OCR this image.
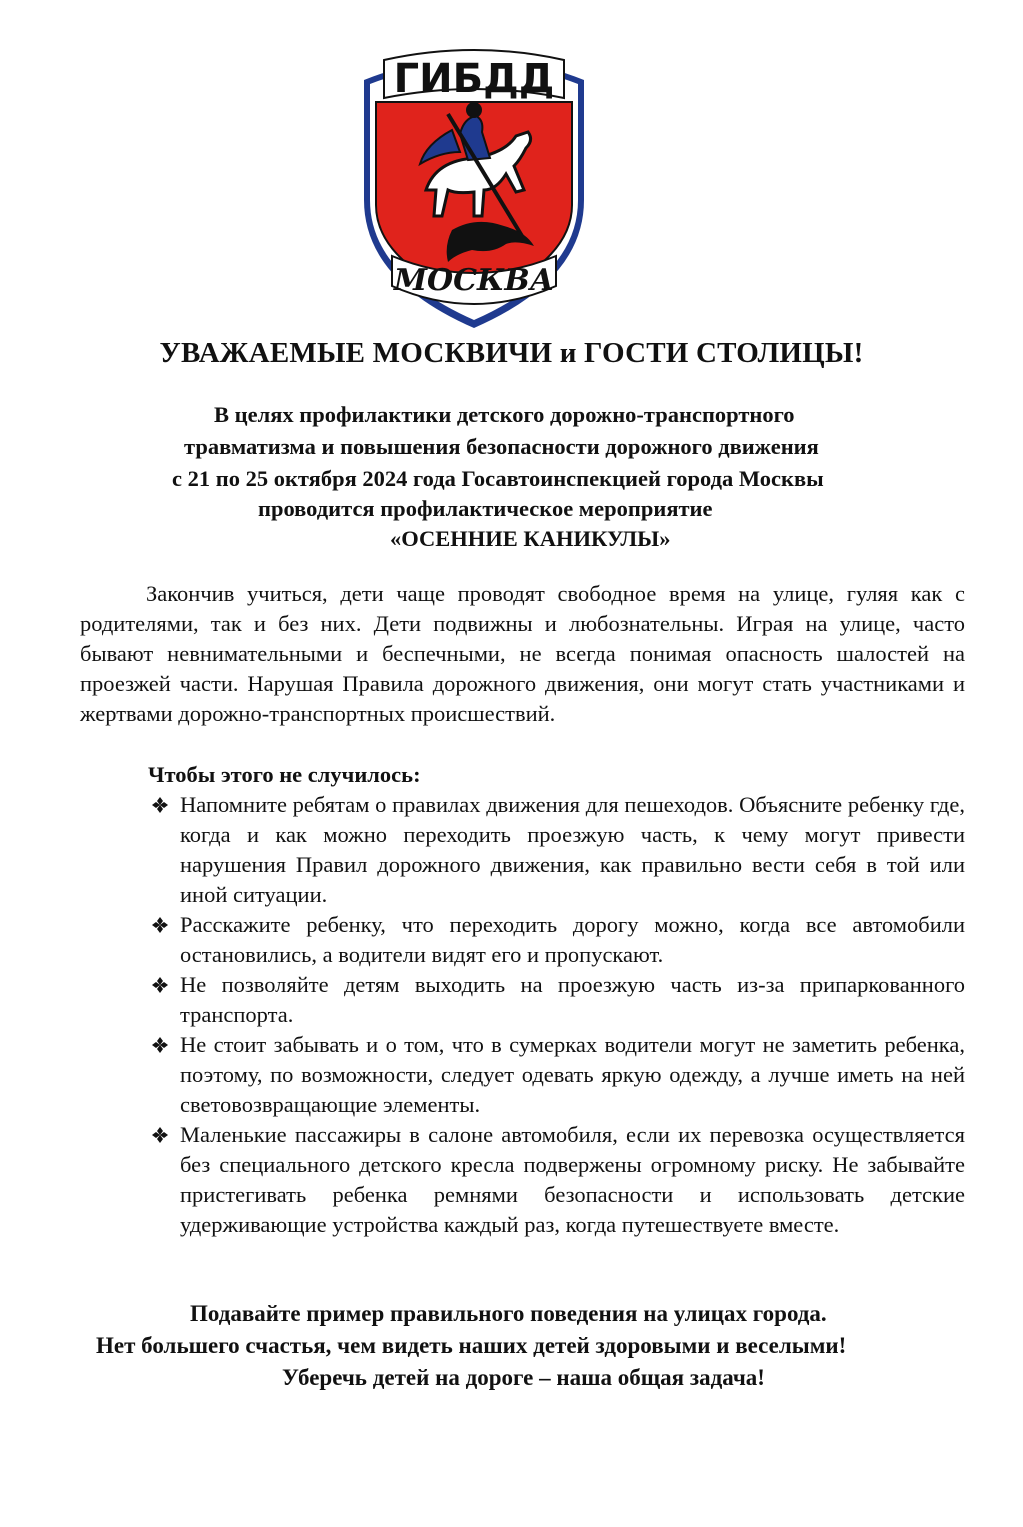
ГИБДД
МОСКВА
УВАЖАЕМЫЕ МОСКВИЧИ и ГОСТИ СТОЛИЦЫ!
В целях профилактики детского дорожно-транспортного
травматизма и повышения безопасности дорожного движения
с 21 по 25 октября 2024 года Госавтоинспекцией города Москвы
проводится профилактическое мероприятие
«ОСЕННИЕ КАНИКУЛЫ»

Закончив учиться, дети чаще проводят свободное время на улице, гуляя как с родителями, так и без них. Дети подвижны и любознательны. Играя на улице, часто бывают невнимательными и беспечными, не всегда понимая опасность шалостей на проезжей части. Нарушая Правила дорожного движения, они могут стать участниками и жертвами дорожно-транспортных происшествий.

Чтобы этого не случилось:
Напомните ребятам о правилах движения для пешеходов. Объясните ребенку где, когда и как можно переходить проезжую часть, к чему могут привести нарушения Правил дорожного движения, как правильно вести себя в той или иной ситуации.
Расскажите ребенку, что переходить дорогу можно, когда все автомобили остановились, а водители видят его и пропускают.
Не позволяйте детям выходить на проезжую часть из-за припаркованного транспорта.
Не стоит забывать и о том, что в сумерках водители могут не заметить ребенка, поэтому, по возможности, следует одевать яркую одежду, а лучше иметь на ней световозвращающие элементы.
Маленькие пассажиры в салоне автомобиля, если их перевозка осуществляется без специального детского кресла подвержены огромному риску. Не забывайте пристегивать ребенка ремнями безопасности и использовать детские удерживающие устройства каждый раз, когда путешествуете вместе.
Подавайте пример правильного поведения на улицах города.
Нет большего счастья, чем видеть наших детей здоровыми и веселыми!
Уберечь детей на дороге – наша общая задача!
